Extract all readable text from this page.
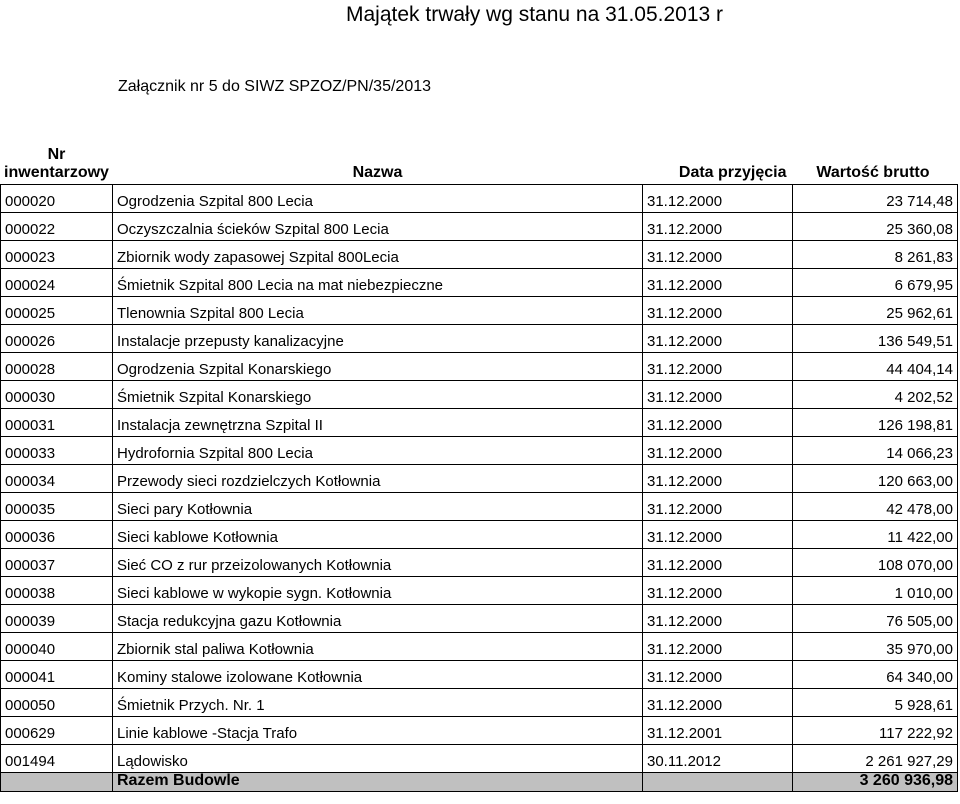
Majątek trwały wg stanu na 31.05.2013 r
Załącznik nr 5 do SIWZ SPZOZ/PN/35/2013
Nr inwentarzowy	Nazwa	Data przyjęcia	Wartość brutto
000020	Ogrodzenia Szpital 800 Lecia	31.12.2000	23 714,48
000022	Oczyszczalnia ścieków Szpital 800 Lecia	31.12.2000	25 360,08
000023	Zbiornik wody zapasowej Szpital 800Lecia	31.12.2000	8 261,83
000024	Śmietnik Szpital 800 Lecia na mat niebezpieczne	31.12.2000	6 679,95
000025	Tlenownia Szpital 800 Lecia	31.12.2000	25 962,61
000026	Instalacje przepusty kanalizacyjne	31.12.2000	136 549,51
000028	Ogrodzenia Szpital Konarskiego	31.12.2000	44 404,14
000030	Śmietnik Szpital Konarskiego	31.12.2000	4 202,52
000031	Instalacja zewnętrzna Szpital II	31.12.2000	126 198,81
000033	Hydrofornia Szpital 800 Lecia	31.12.2000	14 066,23
000034	Przewody sieci rozdzielczych Kotłownia	31.12.2000	120 663,00
000035	Sieci pary Kotłownia	31.12.2000	42 478,00
000036	Sieci kablowe Kotłownia	31.12.2000	11 422,00
000037	Sieć CO z rur przeizolowanych Kotłownia	31.12.2000	108 070,00
000038	Sieci kablowe w wykopie sygn. Kotłownia	31.12.2000	1 010,00
000039	Stacja redukcyjna gazu Kotłownia	31.12.2000	76 505,00
000040	Zbiornik stal paliwa Kotłownia	31.12.2000	35 970,00
000041	Kominy stalowe izolowane Kotłownia	31.12.2000	64 340,00
000050	Śmietnik Przych. Nr. 1	31.12.2000	5 928,61
000629	Linie kablowe -Stacja Trafo	31.12.2001	117 222,92
001494	Lądowisko	30.11.2012	2 261 927,29
	Razem Budowle		3 260 936,98
